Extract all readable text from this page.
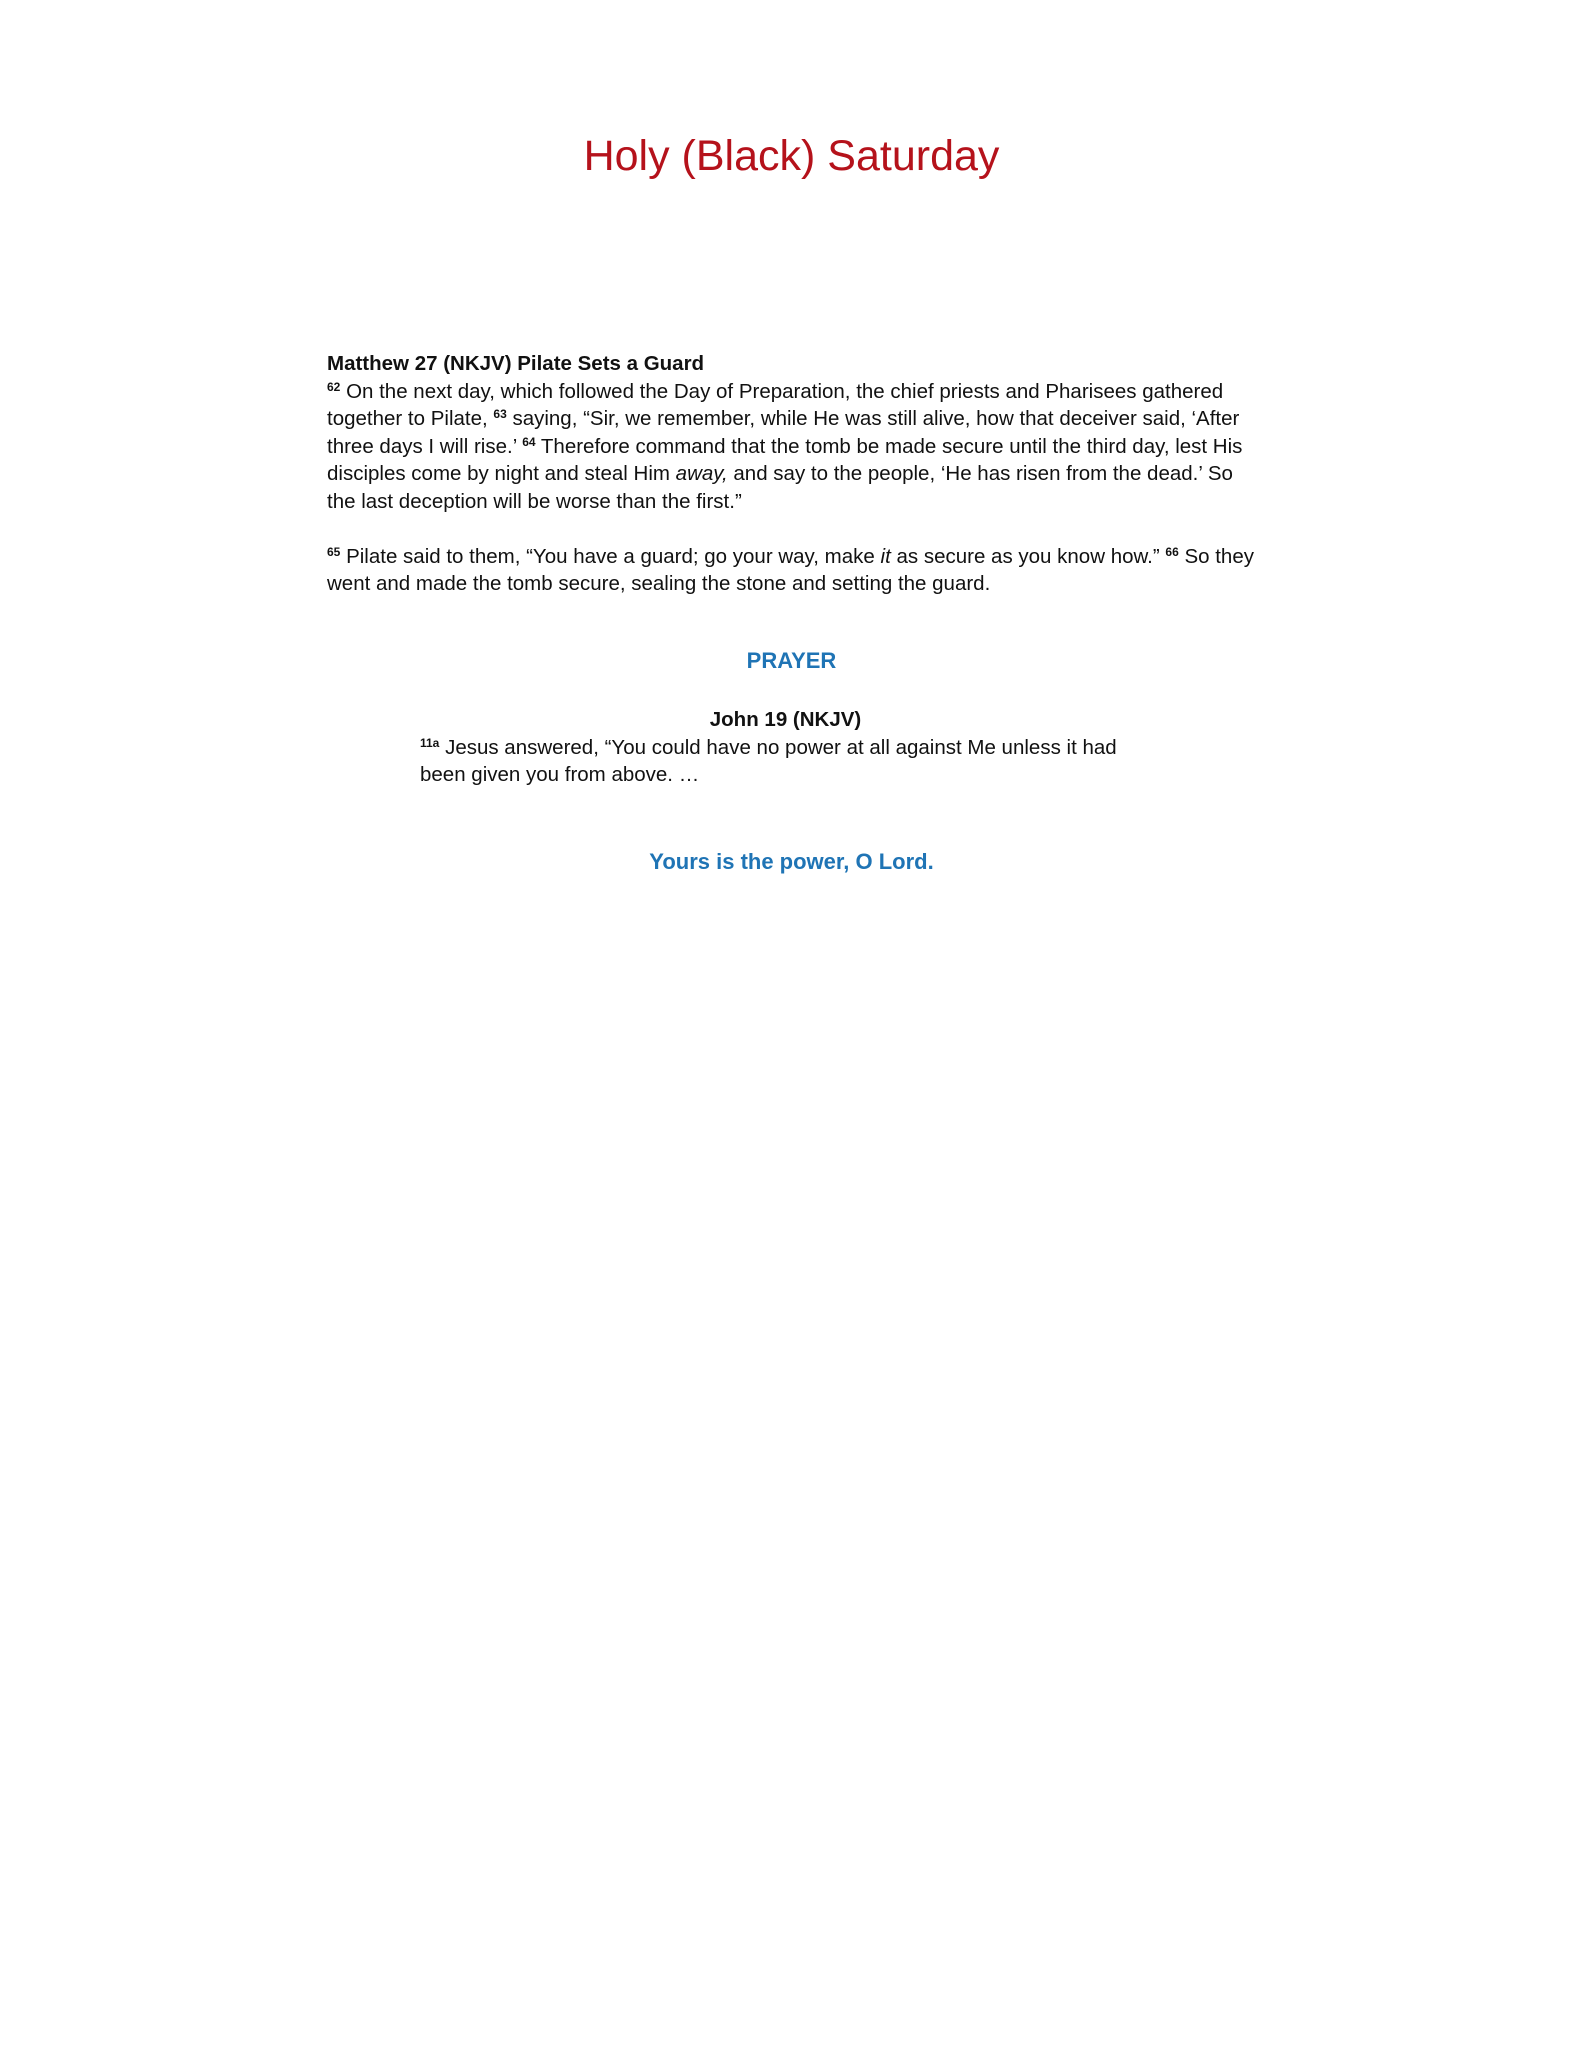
Holy (Black) Saturday
Matthew 27 (NKJV) Pilate Sets a Guard

$^{62}$ On the next day, which followed the Day of Preparation, the chief priests and Pharisees gathered together to Pilate, $^{63}$ saying, “Sir, we remember, while He was still alive, how that deceiver said, ‘After three days I will rise.’ $^{64}$ Therefore command that the tomb be made secure until the third day, lest His disciples come by night and steal Him away, and say to the people, ‘He has risen from the dead.’ So the last deception will be worse than the first.”

$^{65}$ Pilate said to them, “You have a guard; go your way, make it as secure as you know how.” $^{66}$ So they went and made the tomb secure, sealing the stone and setting the guard.

PRAYER
John 19 (NKJV)

$^{11a}$ Jesus answered, “You could have no power at all against Me unless it had been given you from above. …

Yours is the power, O Lord.
